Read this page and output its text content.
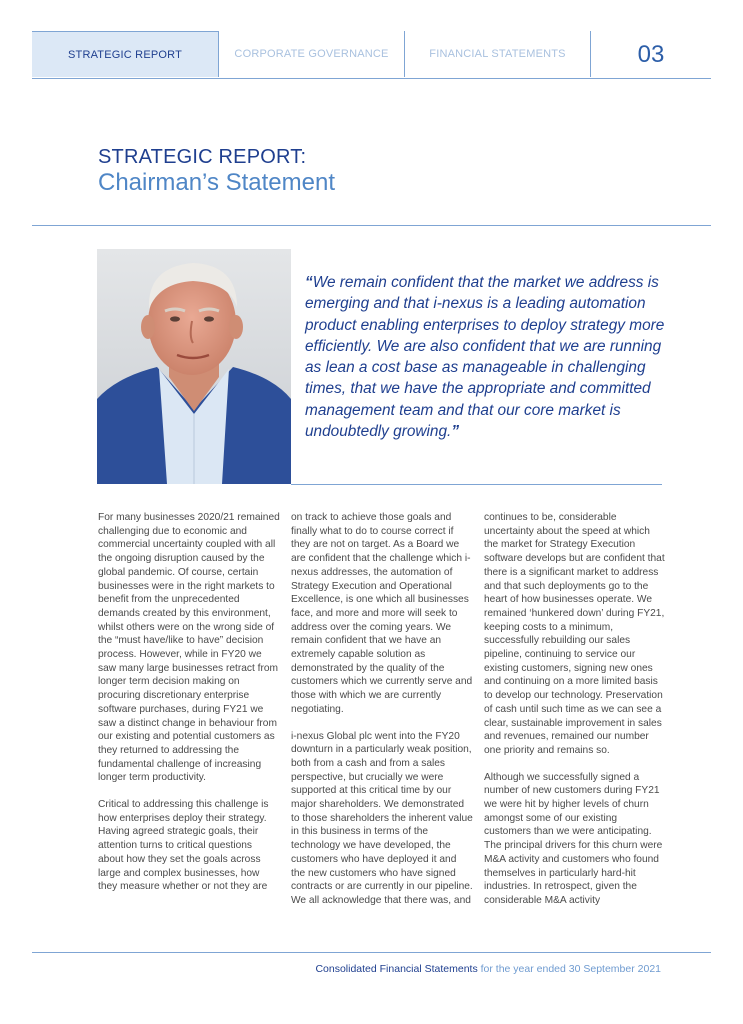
STRATEGIC REPORT	CORPORATE GOVERNANCE	FINANCIAL STATEMENTS	03
STRATEGIC REPORT:
Chairman’s Statement
“We remain confident that the market we address is emerging and that i-nexus is a leading automation product enabling enterprises to deploy strategy more efficiently. We are also confident that we are running as lean a cost base as manageable in challenging times, that we have the appropriate and committed management team and that our core market is undoubtedly growing.”

For many businesses 2020/21 remained challenging due to economic and commercial uncertainty coupled with all the ongoing disruption caused by the global pandemic. Of course, certain businesses were in the right markets to benefit from the unprecedented demands created by this environment, whilst others were on the wrong side of the “must have/like to have” decision process. However, while in FY20 we saw many large businesses retract from longer term decision making on procuring discretionary enterprise software purchases, during FY21 we saw a distinct change in behaviour from our existing and potential customers as they returned to addressing the fundamental challenge of increasing longer term productivity.

Critical to addressing this challenge is how enterprises deploy their strategy. Having agreed strategic goals, their attention turns to critical questions about how they set the goals across large and complex businesses, how they measure whether or not they are

on track to achieve those goals and finally what to do to course correct if they are not on target. As a Board we are confident that the challenge which i-nexus addresses, the automation of Strategy Execution and Operational Excellence, is one which all businesses face, and more and more will seek to address over the coming years. We remain confident that we have an extremely capable solution as demonstrated by the quality of the customers which we currently serve and those with which we are currently negotiating.

i-nexus Global plc went into the FY20 downturn in a particularly weak position, both from a cash and from a sales perspective, but crucially we were supported at this critical time by our major shareholders. We demonstrated to those shareholders the inherent value in this business in terms of the technology we have developed, the customers who have deployed it and the new customers who have signed contracts or are currently in our pipeline. We all acknowledge that there was, and

continues to be, considerable uncertainty about the speed at which the market for Strategy Execution software develops but are confident that there is a significant market to address and that such deployments go to the heart of how businesses operate. We remained ‘hunkered down’ during FY21, keeping costs to a minimum, successfully rebuilding our sales pipeline, continuing to service our existing customers, signing new ones and continuing on a more limited basis to develop our technology. Preservation of cash until such time as we can see a clear, sustainable improvement in sales and revenues, remained our number one priority and remains so.

Although we successfully signed a number of new customers during FY21 we were hit by higher levels of churn amongst some of our existing customers than we were anticipating. The principal drivers for this churn were M&A activity and customers who found themselves in particularly hard-hit industries. In retrospect, given the considerable M&A activity

Consolidated Financial Statements for the year ended 30 September 2021
